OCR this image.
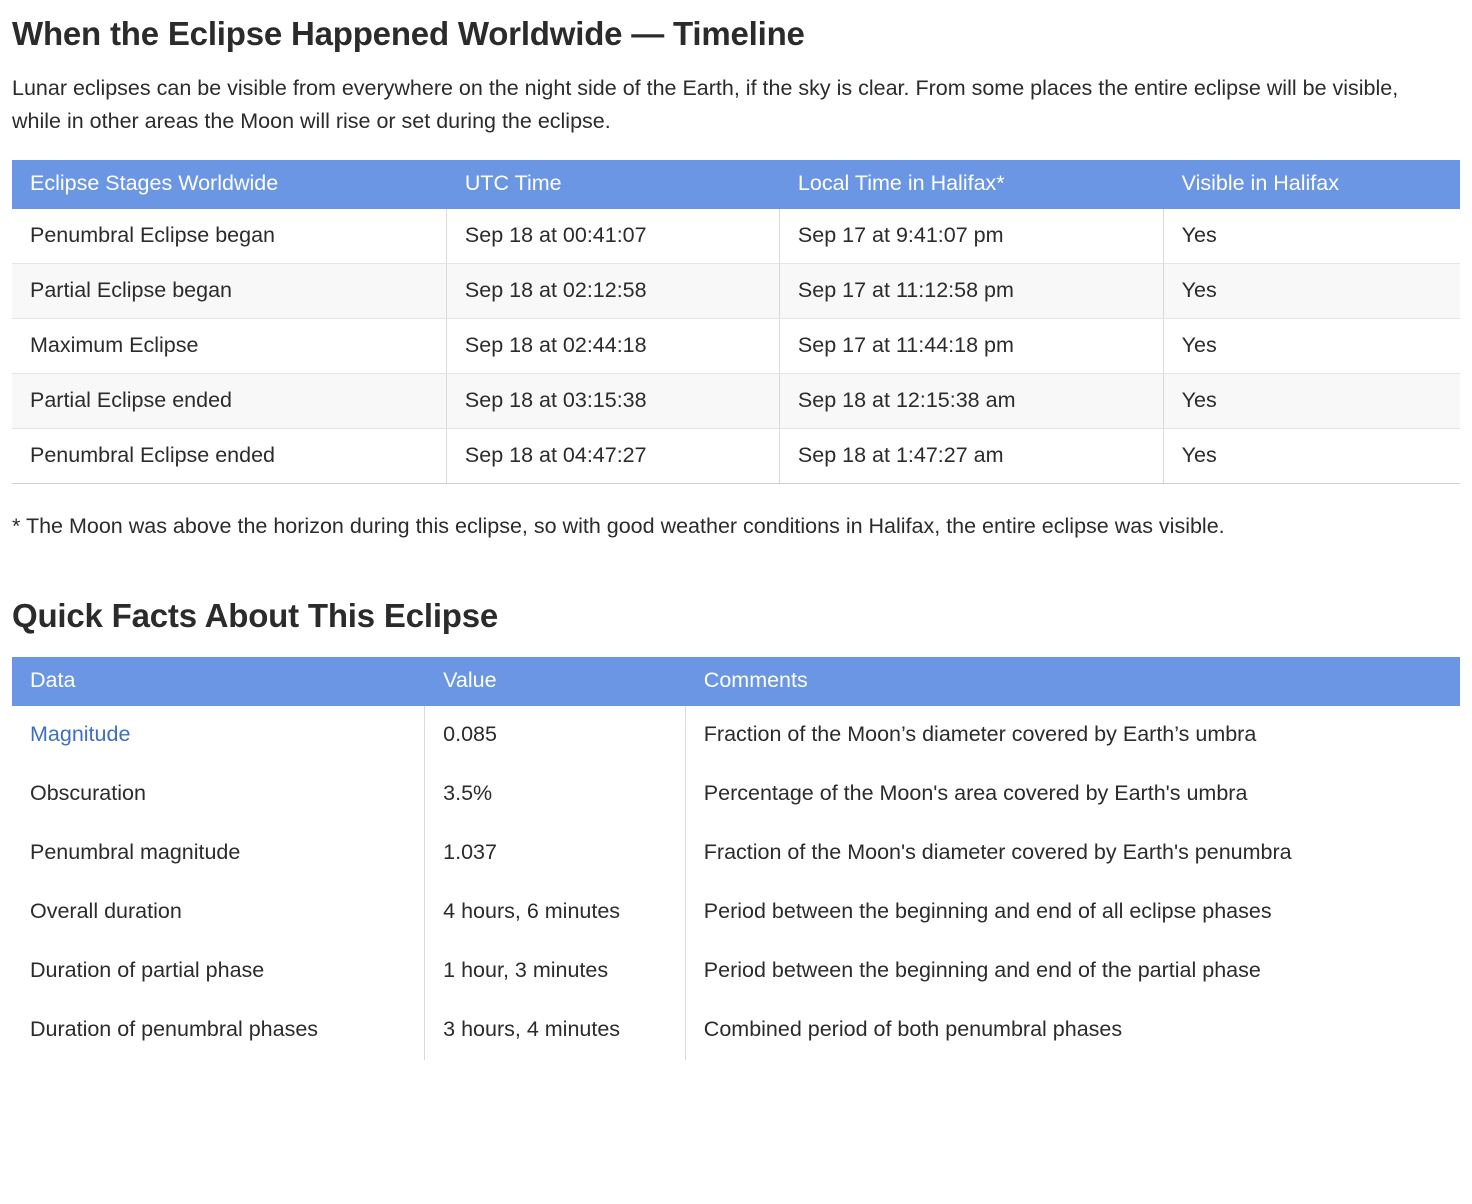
When the Eclipse Happened Worldwide — Timeline

Lunar eclipses can be visible from everywhere on the night side of the Earth, if the sky is clear. From some places the entire eclipse will be visible, while in other areas the Moon will rise or set during the eclipse.

Eclipse Stages Worldwide	UTC Time	Local Time in Halifax*	Visible in Halifax
Penumbral Eclipse began	Sep 18 at 00:41:07	Sep 17 at 9:41:07 pm	Yes
Partial Eclipse began	Sep 18 at 02:12:58	Sep 17 at 11:12:58 pm	Yes
Maximum Eclipse	Sep 18 at 02:44:18	Sep 17 at 11:44:18 pm	Yes
Partial Eclipse ended	Sep 18 at 03:15:38	Sep 18 at 12:15:38 am	Yes
Penumbral Eclipse ended	Sep 18 at 04:47:27	Sep 18 at 1:47:27 am	Yes

* The Moon was above the horizon during this eclipse, so with good weather conditions in Halifax, the entire eclipse was visible.

Quick Facts About This Eclipse
Data	Value	Comments
Magnitude	0.085	Fraction of the Moon’s diameter covered by Earth’s umbra
Obscuration	3.5%	Percentage of the Moon's area covered by Earth's umbra
Penumbral magnitude	1.037	Fraction of the Moon's diameter covered by Earth's penumbra
Overall duration	4 hours, 6 minutes	Period between the beginning and end of all eclipse phases
Duration of partial phase	1 hour, 3 minutes	Period between the beginning and end of the partial phase
Duration of penumbral phases	3 hours, 4 minutes	Combined period of both penumbral phases
